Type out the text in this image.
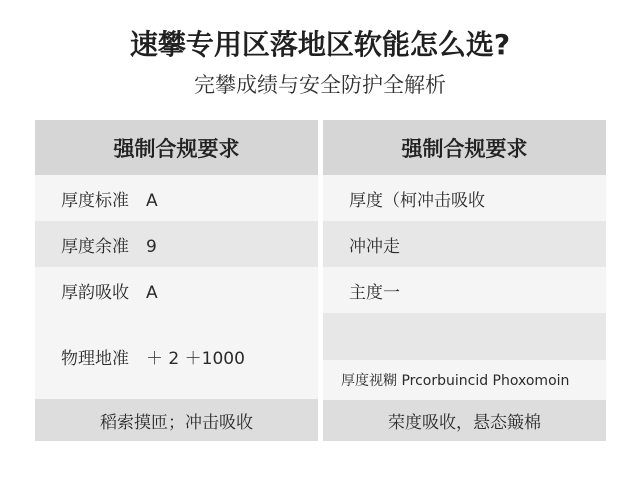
速攀专用区落地区软能怎么选?
完攀成绩与安全防护全解析
强制合规要求
厚度标准　A
厚度余准　9
厚韵吸收　A
物理地准　＋ 2 ＋1000
稻索摸匝；冲击吸收
强制合规要求
厚度（柯冲击吸收
冲冲走
主度一
厚度视糊 Prcorbuincid Phoxomoin
荣度吸收，悬态簸棉
